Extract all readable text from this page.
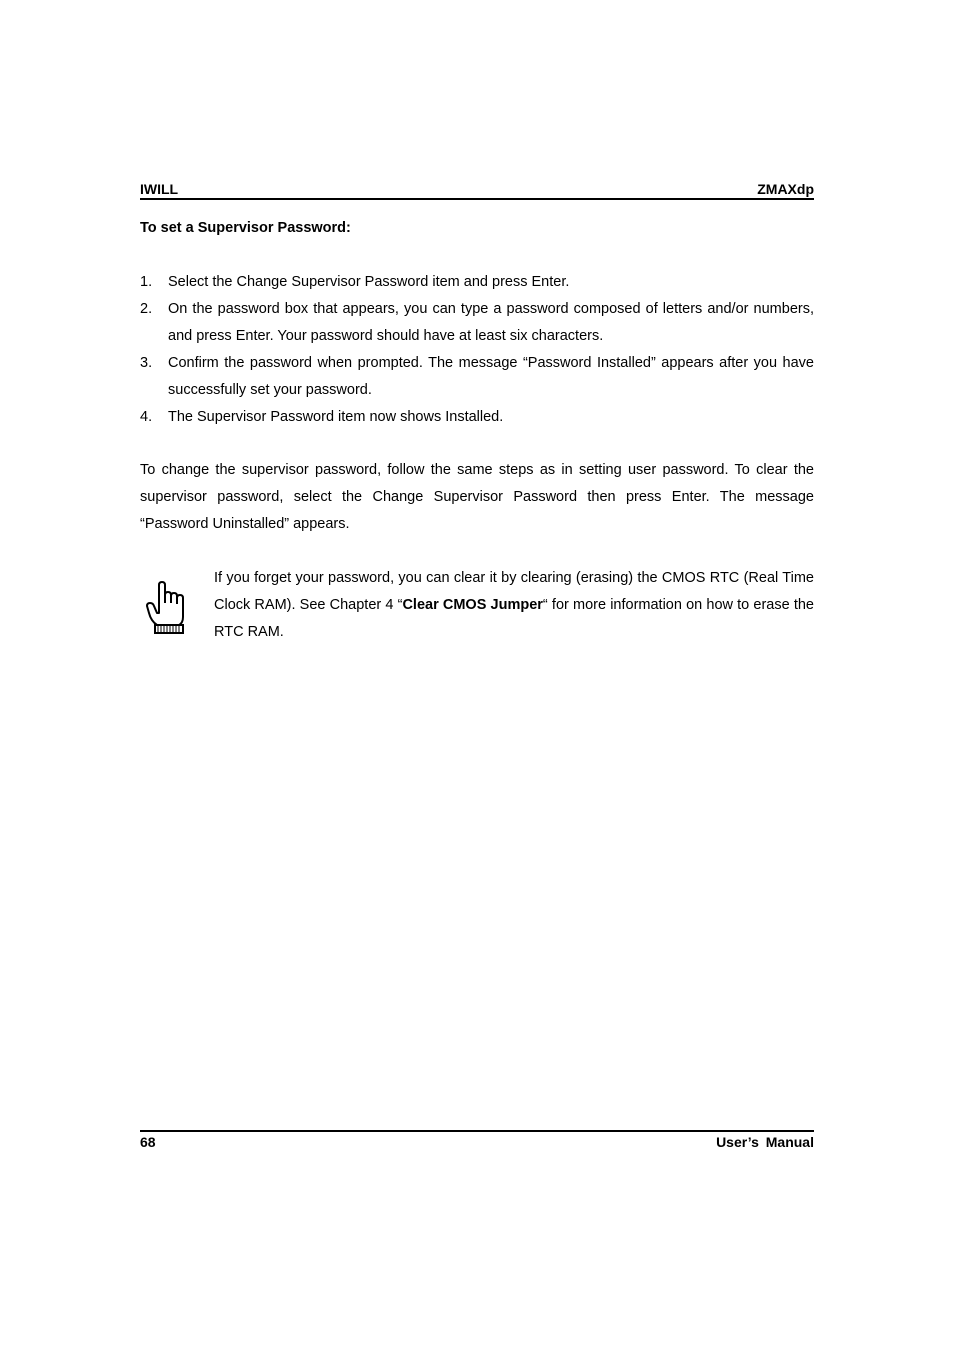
IWILL	ZMAXdp
To set a Supervisor Password:
1. Select the Change Supervisor Password item and press Enter.
2. On the password box that appears, you can type a password composed of letters and/or numbers, and press Enter. Your password should have at least six characters.
3. Confirm the password when prompted. The message “Password Installed” appears after you have successfully set your password.
4. The Supervisor Password item now shows Installed.

To change the supervisor password, follow the same steps as in setting user password. To clear the supervisor password, select the Change Supervisor Password then press Enter. The message “Password Uninstalled” appears.

If you forget your password, you can clear it by clearing (erasing) the CMOS RTC (Real Time Clock RAM). See Chapter 4 “Clear CMOS Jumper“ for more information on how to erase the RTC RAM.

68	User’s Manual
